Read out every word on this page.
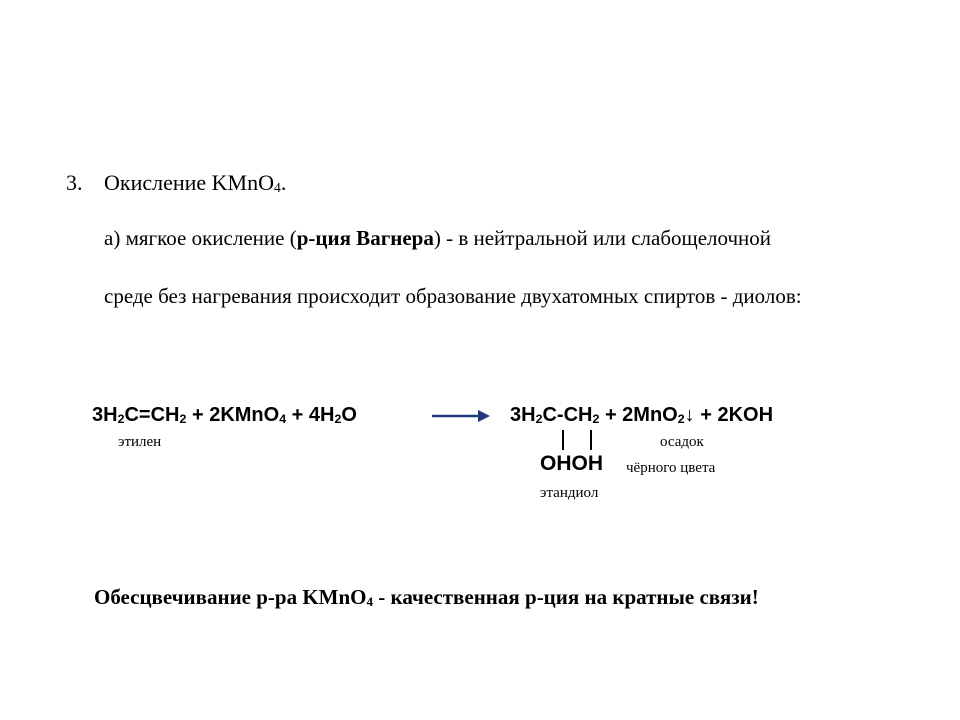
3. Окисление KMnO$_4$.
а) мягкое окисление (р-ция Вагнера) - в нейтральной или слабощелочной
среде без нагревания происходит образование двухатомных спиртов - диолов:
$3H_2C=CH_2$ + 2KMnO$_4$ + $4H_2O$	→ $3H_2C-CH_2$ + 2MnO$_2$↓ + 2KOH
OHOH
этилен	осадок
чёрного цвета
этандиол
Обесцвечивание р-ра KMnO$_4$ - качественная р-ция на кратные связи!
